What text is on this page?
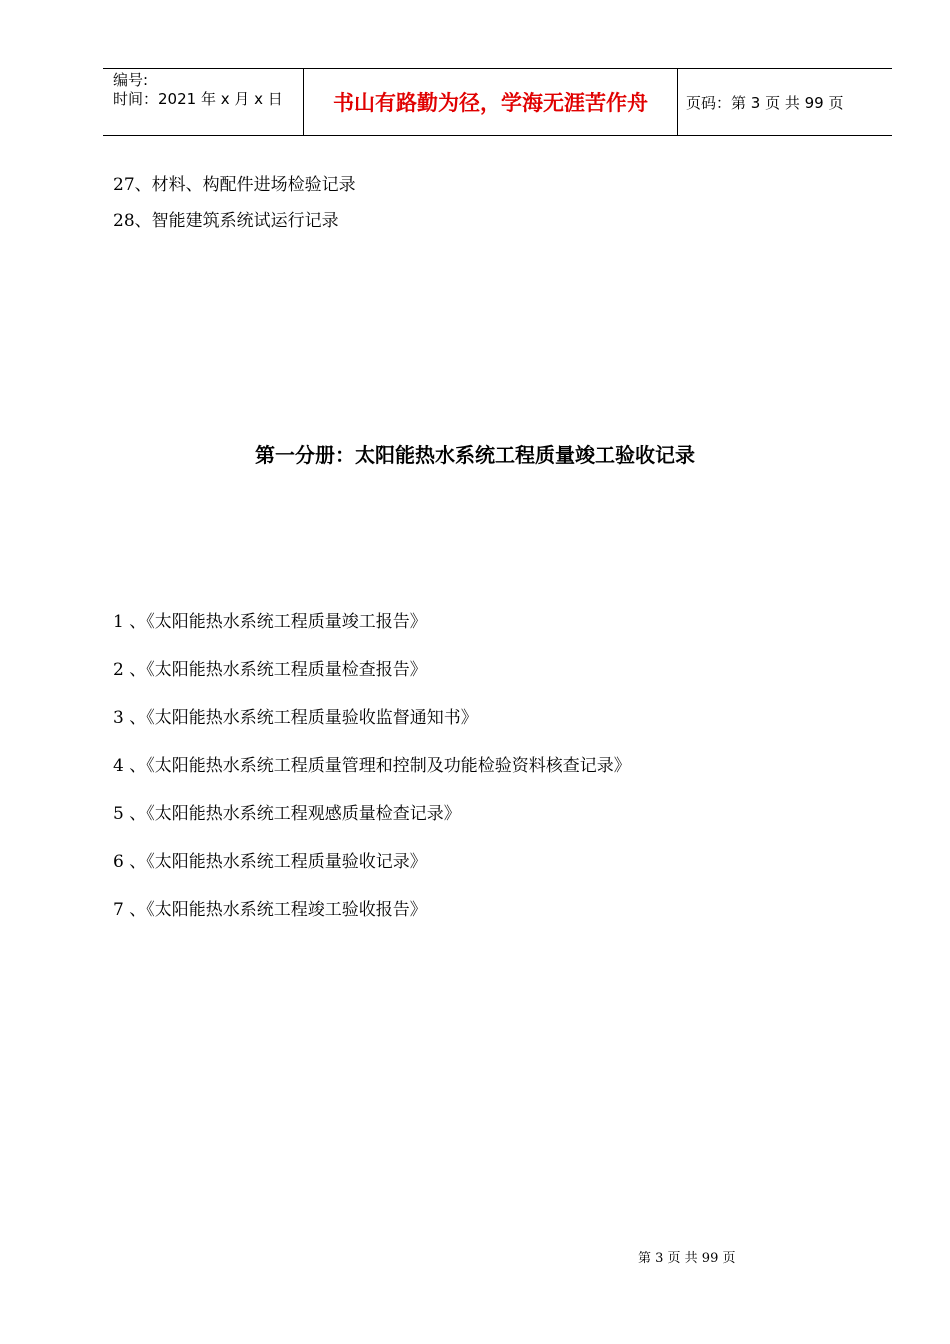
编号:
时间：2021 年 x 月 x 日	书山有路勤为径，学海无涯苦作舟	页码：第 3 页 共 99 页
27、材料、构配件进场检验记录
28、智能建筑系统试运行记录
第一分册：太阳能热水系统工程质量竣工验收记录
1 、《太阳能热水系统工程质量竣工报告》
2 、《太阳能热水系统工程质量检查报告》
3 、《太阳能热水系统工程质量验收监督通知书》
4 、《太阳能热水系统工程质量管理和控制及功能检验资料核查记录》
5 、《太阳能热水系统工程观感质量检查记录》
6 、《太阳能热水系统工程质量验收记录》
7 、《太阳能热水系统工程竣工验收报告》
第 3 页 共 99 页
